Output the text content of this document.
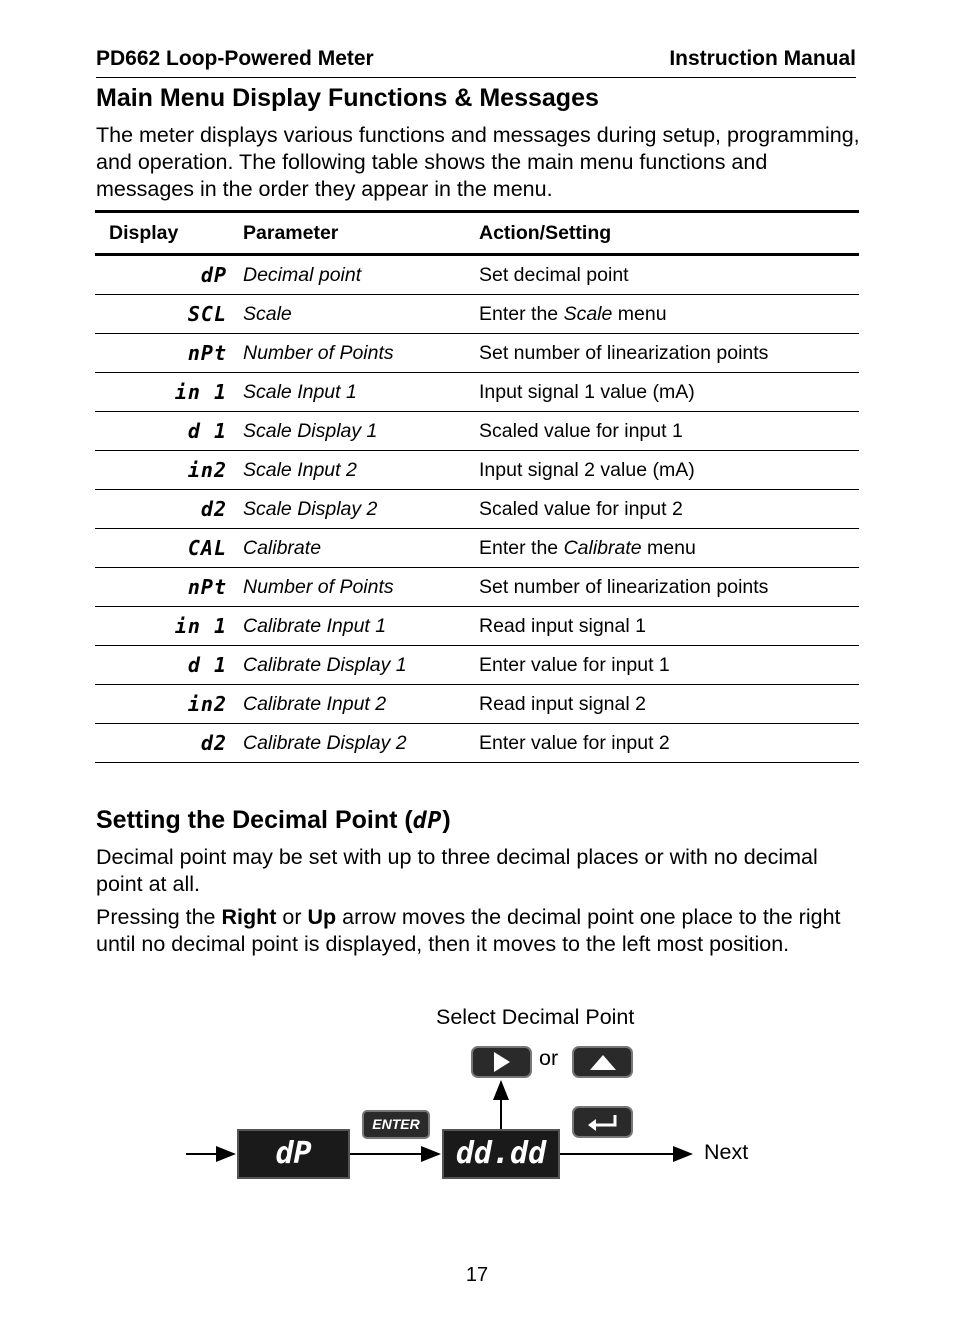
PD662 Loop-Powered Meter	Instruction Manual
Main Menu Display Functions & Messages
The meter displays various functions and messages during setup, programming, and operation. The following table shows the main menu functions and messages in the order they appear in the menu.
Display	Parameter	Action/Setting
dP	Decimal point	Set decimal point
SCL	Scale	Enter the Scale menu
nPt	Number of Points	Set number of linearization points
in 1	Scale Input 1	Input signal 1 value (mA)
d 1	Scale Display 1	Scaled value for input 1
in2	Scale Input 2	Input signal 2 value (mA)
d2	Scale Display 2	Scaled value for input 2
CAL	Calibrate	Enter the Calibrate menu
nPt	Number of Points	Set number of linearization points
in 1	Calibrate Input 1	Read input signal 1
d 1	Calibrate Display 1	Enter value for input 1
in2	Calibrate Input 2	Read input signal 2
d2	Calibrate Display 2	Enter value for input 2
Setting the Decimal Point (dP)
Decimal point may be set with up to three decimal places or with no decimal point at all.
Pressing the Right or Up arrow moves the decimal point one place to the right until no decimal point is displayed, then it moves to the left most position.
Select Decimal Point
or
ENTER
dP	dd.dd	Next
17
